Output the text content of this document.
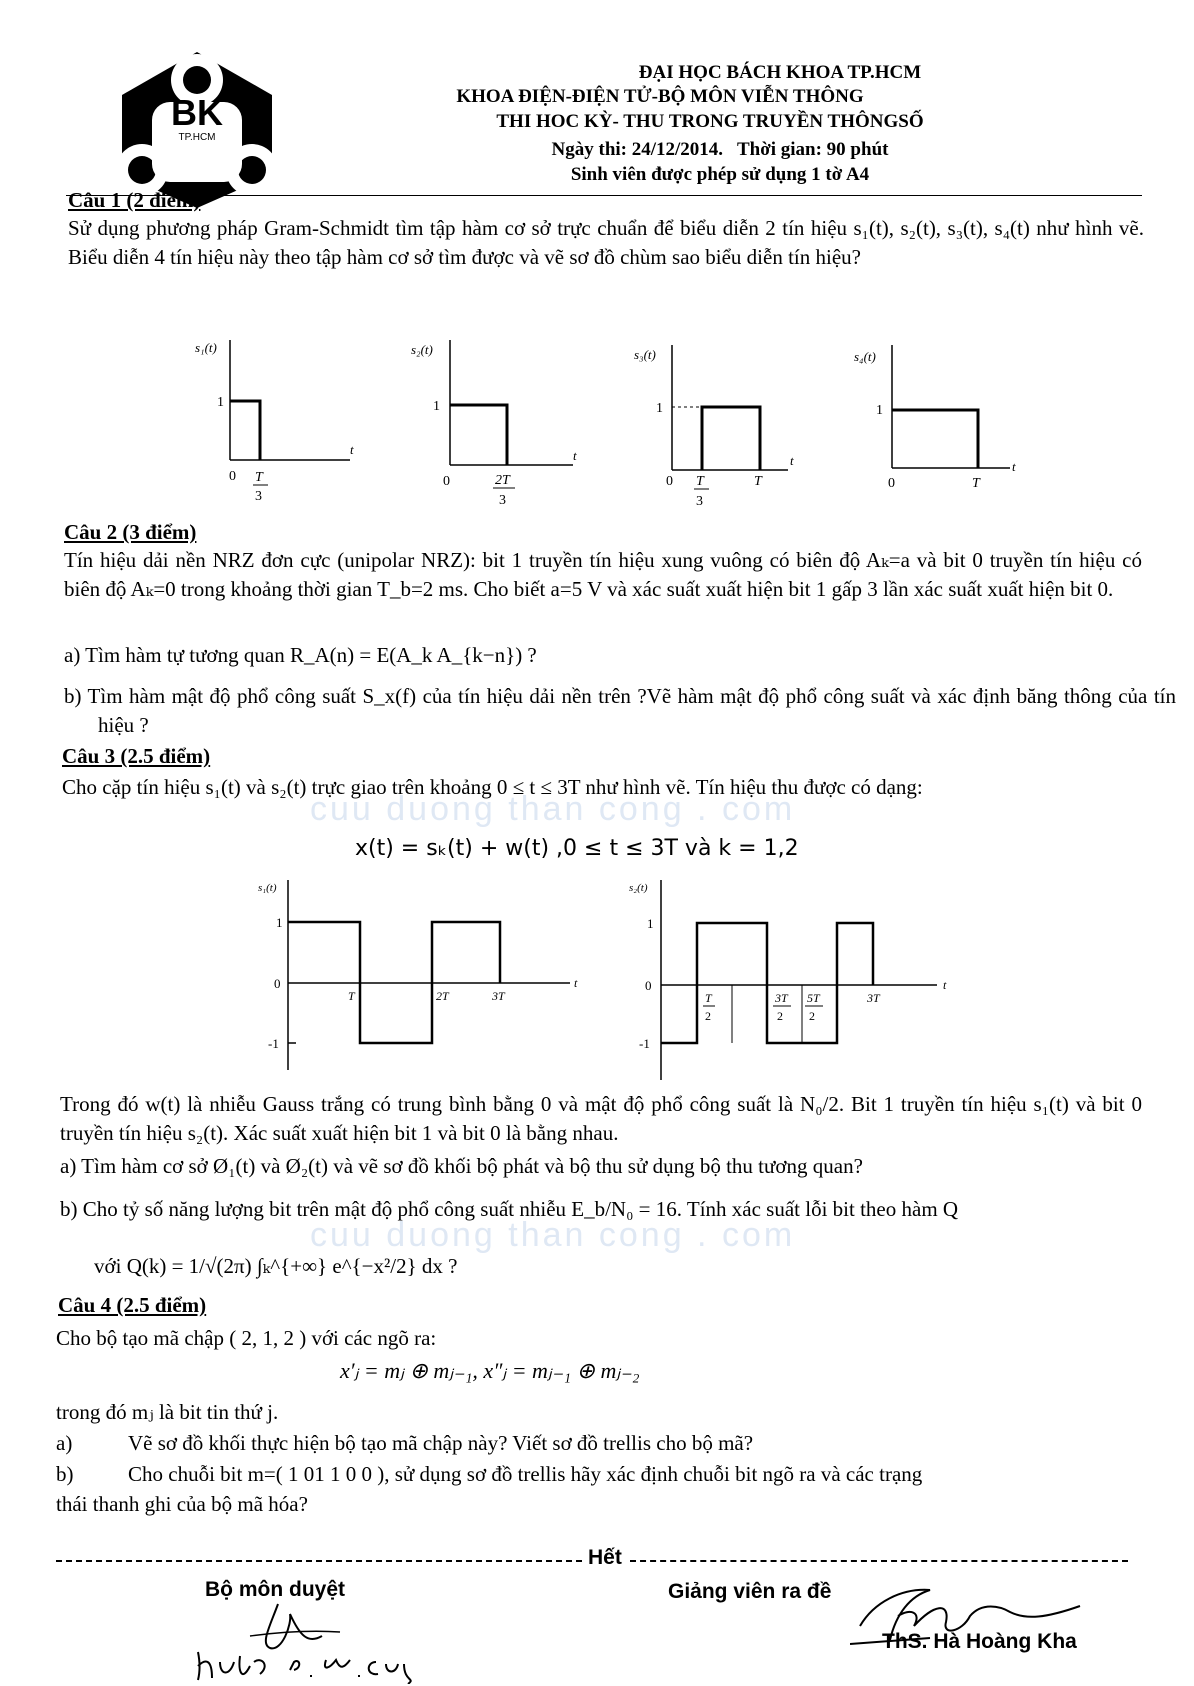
cuu duong than cong . com
cuu duong than cong . com
BK
TP.HCM
ĐẠI HỌC BÁCH KHOA TP.HCM
KHOA ĐIỆN-ĐIỆN TỬ-BỘ MÔN VIỄN THÔNG
THI HOC KỲ- THU TRONG TRUYỀN THÔNGSỐ
Ngày thi: 24/12/2014.   Thời gian: 90 phút
Sinh viên được phép sử dụng 1 tờ A4
Câu 1 (2 điểm)
Sử dụng phương pháp Gram-Schmidt tìm tập hàm cơ sở trực chuẩn để biểu diễn 2 tín hiệu s₁(t), s₂(t), s₃(t), s₄(t) như hình vẽ. Biểu diễn 4 tín hiệu này theo tập hàm cơ sở tìm được và vẽ sơ đồ chùm sao biểu diễn tín hiệu?
s₁(t)
1
0 T
3
t
s₂(t)
1
0	2T
3
t
s₃(t)
1
0 T
3
T
t
s₄(t)
1
0	T
t
Câu 2 (3 điểm)
Tín hiệu dải nền NRZ đơn cực (unipolar NRZ): bit 1 truyền tín hiệu xung vuông có biên độ Aₖ=a và bit 0 truyền tín hiệu có biên độ Aₖ=0 trong khoảng thời gian T_b=2 ms. Cho biết a=5 V và xác suất xuất hiện bit 1 gấp 3 lần xác suất xuất hiện bit 0.
a) Tìm hàm tự tương quan R_A(n) = E(A_k A_{k−n}) ?
b) Tìm hàm mật độ phổ công suất S_x(f) của tín hiệu dải nền trên ?Vẽ hàm mật độ phổ công suất và xác định băng thông của tín hiệu ?
Câu 3 (2.5 điểm)
Cho cặp tín hiệu s₁(t) và s₂(t) trực giao trên khoảng 0 ≤ t ≤ 3T như hình vẽ. Tín hiệu thu được có dạng:
x(t) = sₖ(t) + w(t) ,0 ≤ t ≤ 3T và k = 1,2
s₁(t)
1
0
-1
T	2T	3T
t
s₂(t)
1
0
-1
T
2
3T
2
5T
2
3T
t
Trong đó w(t) là nhiễu Gauss trắng có trung bình bằng 0 và mật độ phổ công suất là N₀/2. Bit 1 truyền tín hiệu s₁(t) và bit 0 truyền tín hiệu s₂(t). Xác suất xuất hiện bit 1 và bit 0 là bằng nhau.
a) Tìm hàm cơ sở Ø₁(t) và Ø₂(t) và vẽ sơ đồ khối bộ phát và bộ thu sử dụng bộ thu tương quan?
b) Cho tỷ số năng lượng bit trên mật độ phổ công suất nhiễu E_b/N₀ = 16. Tính xác suất lỗi bit theo hàm Q
với Q(k) = 1/√(2π) ∫ₖ^{+∞} e^{−x²/2} dx ?
Câu 4 (2.5 điểm)
Cho bộ tạo mã chập ( 2, 1, 2 ) với các ngõ ra:
x′ⱼ = mⱼ ⊕ mⱼ₋₁, x″ⱼ = mⱼ₋₁ ⊕ mⱼ₋₂
trong đó mⱼ là bit tin thứ j.
a)	Vẽ sơ đồ khối thực hiện bộ tạo mã chập này? Viết sơ đồ trellis cho bộ mã?
b)	Cho chuỗi bit m=( 1 01 1 0 0 ), sử dụng sơ đồ trellis hãy xác định chuỗi bit ngõ ra và các trạng
thái thanh ghi của bộ mã hóa?
Hết
Bộ môn duyệt	Giảng viên ra đề
ThS. Hà Hoàng Kha
